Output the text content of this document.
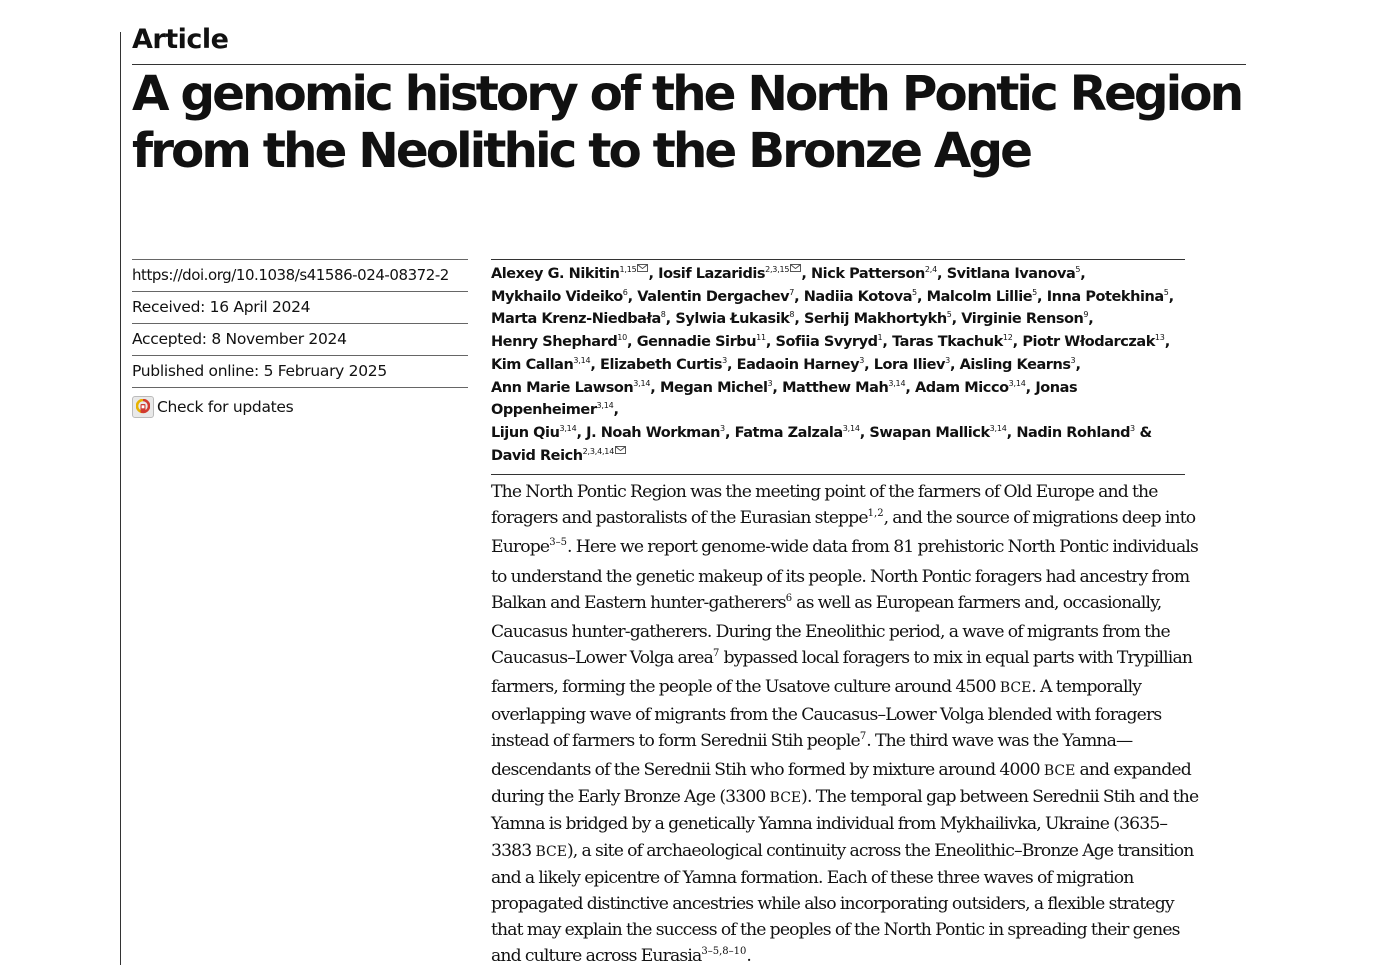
Article
A genomic history of the North Pontic Region
from the Neolithic to the Bronze Age
https://doi.org/10.1038/s41586-024-08372-2
Received: 16 April 2024
Accepted: 8 November 2024
Published online: 5 February 2025
Check for updates

Alexey G. Nikitin$^{1,15}$ , Iosif Lazaridis$^{2,3,15}$ , Nick Patterson$^{2,4}$, Svitlana Ivanova$^5$,
Mykhailo Videiko$^6$, Valentin Dergachev$^7$, Nadiia Kotova$^5$, Malcolm Lillie$^5$, Inna Potekhina$^5$,
Marta Krenz-Niedbała$^8$, Sylwia Łukasik$^8$, Serhij Makhortykh$^5$, Virginie Renson$^9$,
Henry Shephard$^{10}$, Gennadie Sirbu$^{11}$, Sofiia Svyryd$^1$, Taras Tkachuk$^{12}$, Piotr Włodarczak$^{13}$,
Kim Callan$^{3,14}$, Elizabeth Curtis$^3$, Eadaoin Harney$^3$, Lora Iliev$^3$, Aisling Kearns$^3$,
Ann Marie Lawson$^{3,14}$, Megan Michel$^3$, Matthew Mah$^{3,14}$, Adam Micco$^{3,14}$, Jonas Oppenheimer$^{3,14}$,
Lijun Qiu$^{3,14}$, J. Noah Workman$^3$, Fatma Zalzala$^{3,14}$, Swapan Mallick$^{3,14}$, Nadin Rohland$^3$ &
David Reich$^{2,3,4,14}$

The North Pontic Region was the meeting point of the farmers of Old Europe and the foragers and pastoralists of the Eurasian steppe$^{1,2}$, and the source of migrations deep into Europe$^{3-5}$. Here we report genome-wide data from 81 prehistoric North Pontic individuals to understand the genetic makeup of its people. North Pontic foragers had ancestry from Balkan and Eastern hunter-gatherers$^6$ as well as European farmers and, occasionally, Caucasus hunter-gatherers. During the Eneolithic period, a wave of migrants from the Caucasus–Lower Volga area$^7$ bypassed local foragers to mix in equal parts with Trypillian farmers, forming the people of the Usatove culture around 4500 BCE. A temporally overlapping wave of migrants from the Caucasus–Lower Volga blended with foragers instead of farmers to form Serednii Stih people$^7$. The third wave was the Yamna—descendants of the Serednii Stih who formed by mixture around 4000 BCE and expanded during the Early Bronze Age (3300 BCE). The temporal gap between Serednii Stih and the Yamna is bridged by a genetically Yamna individual from Mykhailivka, Ukraine (3635–3383 BCE), a site of archaeological continuity across the Eneolithic–Bronze Age transition and a likely epicentre of Yamna formation. Each of these three waves of migration propagated distinctive ancestries while also incorporating outsiders, a flexible strategy that may explain the success of the peoples of the North Pontic in spreading their genes and culture across Eurasia$^{3-5,8-10}$.
